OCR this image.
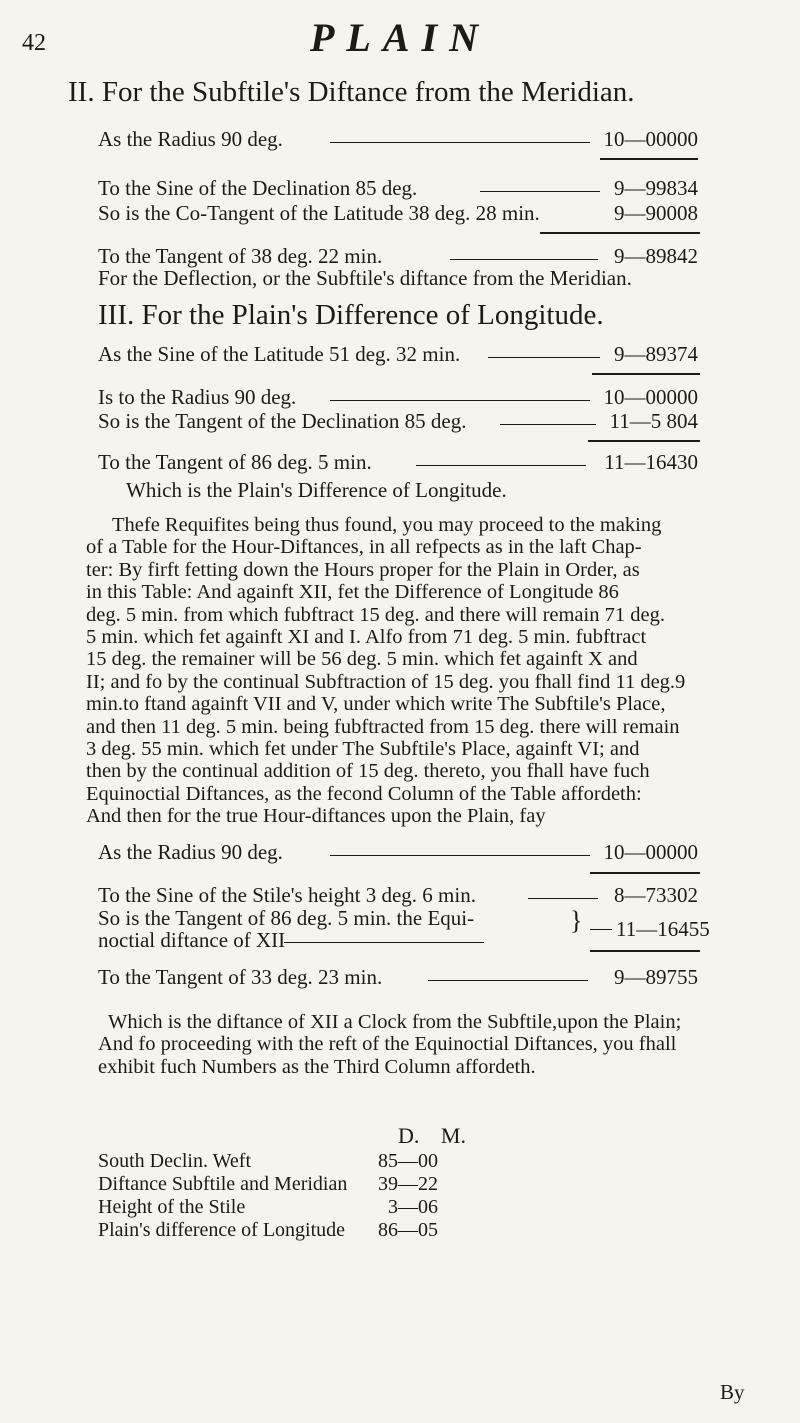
42	PLAIN
II. For the Subftile's Diftance from the Meridian.
As the Radius 90 deg.	10—00000
To the Sine of the Declination 85 deg.	9—99834
So is the Co-Tangent of the Latitude 38 deg. 28 min.	9—90008
To the Tangent of 38 deg. 22 min.	9—89842
For the Deflection, or the Subftile's diftance from the Meridian.
III. For the Plain's Difference of Longitude.
As the Sine of the Latitude 51 deg. 32 min.	9—89374
Is to the Radius 90 deg.	10—00000
So is the Tangent of the Declination 85 deg.	11—5 804
To the Tangent of 86 deg. 5 min.	11—16430
Which is the Plain's Difference of Longitude.
Thefe Requifites being thus found, you may proceed to the making
of a Table for the Hour-Diftances, in all refpects as in the laft Chap-
ter: By firft fetting down the Hours proper for the Plain in Order, as
in this Table: And againft XII, fet the Difference of Longitude 86
deg. 5 min. from which fubftract 15 deg. and there will remain 71 deg.
5 min. which fet againft XI and I. Alfo from 71 deg. 5 min. fubftract
15 deg. the remainer will be 56 deg. 5 min. which fet againft X and
II; and fo by the continual Subftraction of 15 deg. you fhall find 11 deg.9
min.to ftand againft VII and V, under which write The Subftile's Place,
and then 11 deg. 5 min. being fubftracted from 15 deg. there will remain
3 deg. 55 min. which fet under The Subftile's Place, againft VI; and
then by the continual addition of 15 deg. thereto, you fhall have fuch
Equinoctial Diftances, as the fecond Column of the Table affordeth:
And then for the true Hour-diftances upon the Plain, fay
As the Radius 90 deg.	10—00000
To the Sine of the Stile's height 3 deg. 6 min.	8—73302
So is the Tangent of 86 deg. 5 min. the Equi-
noctial diftance of XII
} 11—16455
To the Tangent of 33 deg. 23 min.	9—89755
Which is the diftance of XII a Clock from the Subftile,upon the Plain;
And fo proceeding with the reft of the Equinoctial Diftances, you fhall
exhibit fuch Numbers as the Third Column affordeth.
D. M.
South Declin. Weft	85—00
Diftance Subftile and Meridian 39—22
Height of the Stile	3—06
Plain's difference of Longitude 86—05
By
